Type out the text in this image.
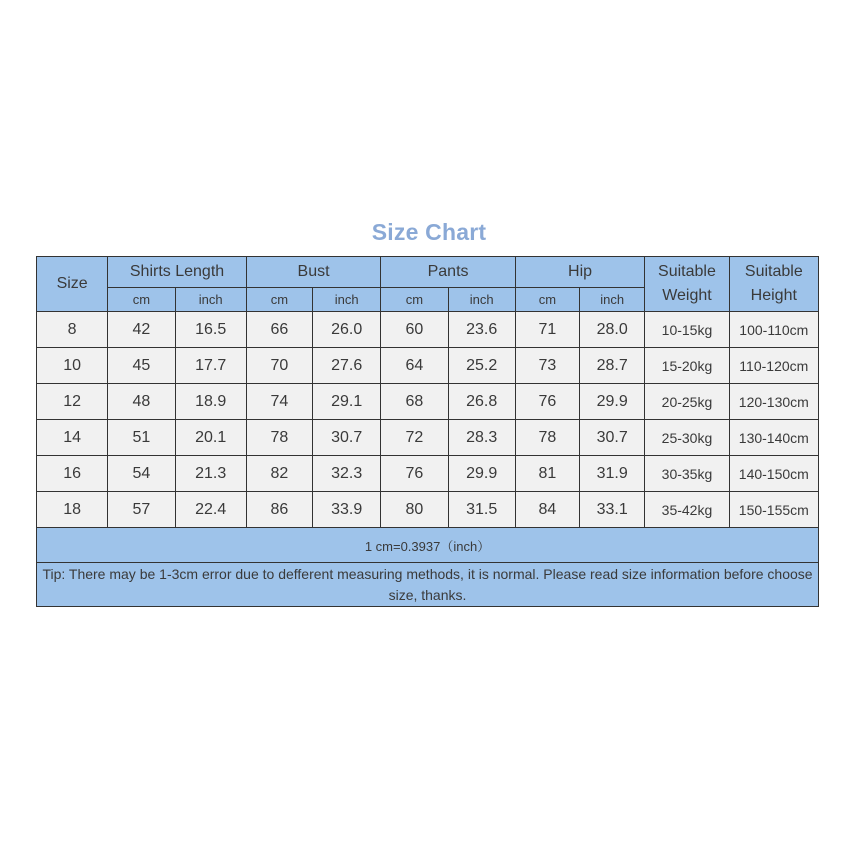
Size Chart
Size	Shirts Length		Bust		Pants		Hip		Suitable Weight	Suitable Height
	cm	inch	cm	inch	cm	inch	cm	inch		
8	42	16.5	66	26.0	60	23.6	71	28.0	10-15kg	100-110cm
10	45	17.7	70	27.6	64	25.2	73	28.7	15-20kg	110-120cm
12	48	18.9	74	29.1	68	26.8	76	29.9	20-25kg	120-130cm
14	51	20.1	78	30.7	72	28.3	78	30.7	25-30kg	130-140cm
16	54	21.3	82	32.3	76	29.9	81	31.9	30-35kg	140-150cm
18	57	22.4	86	33.9	80	31.5	84	33.1	35-42kg	150-155cm
1 cm=0.3937（inch）										
Tip: There may be 1-3cm error due to defferent measuring methods, it is normal. Please read size information before choose size, thanks.										
